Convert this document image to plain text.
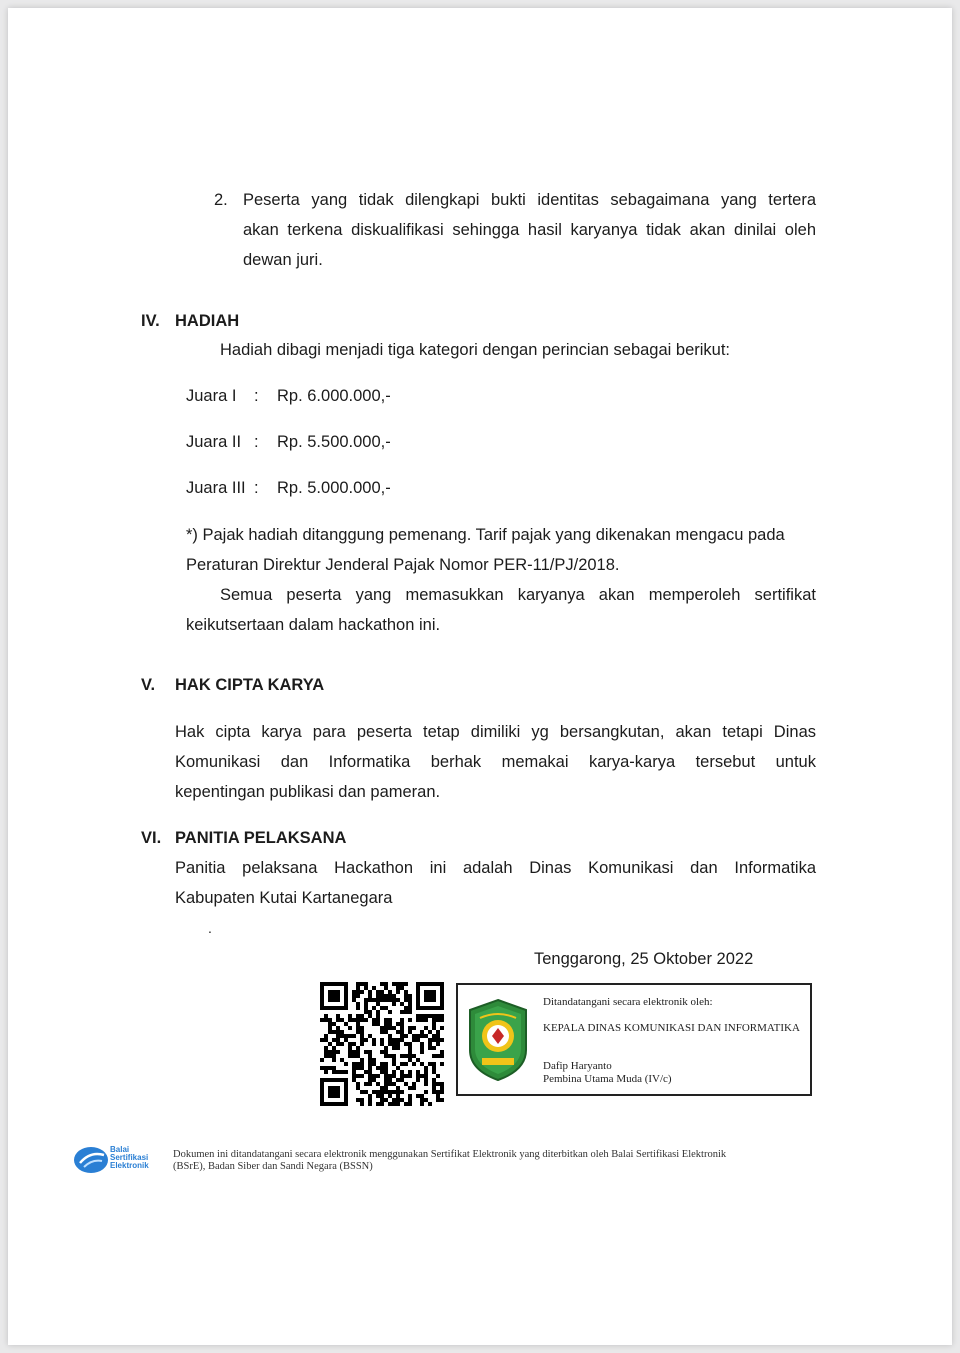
2. Peserta yang tidak dilengkapi bukti identitas sebagaimana yang tertera
akan terkena diskualifikasi sehingga hasil karyanya tidak akan dinilai oleh
dewan juri.
IV. HADIAH
Hadiah dibagi menjadi tiga kategori dengan perincian sebagai berikut:
Juara I : Rp. 6.000.000,-
Juara II : Rp. 5.500.000,-
Juara III : Rp. 5.000.000,-
*) Pajak hadiah ditanggung pemenang. Tarif pajak yang dikenakan mengacu pada
Peraturan Direktur Jenderal Pajak Nomor PER-11/PJ/2018.
Semua peserta yang memasukkan karyanya akan memperoleh sertifikat
keikutsertaan dalam hackathon ini.
V. HAK CIPTA KARYA
Hak cipta karya para peserta tetap dimiliki yg bersangkutan, akan tetapi Dinas
Komunikasi dan Informatika berhak memakai karya-karya tersebut untuk
kepentingan publikasi dan pameran.
VI. PANITIA PELAKSANA
Panitia pelaksana Hackathon ini adalah Dinas Komunikasi dan Informatika
Kabupaten Kutai Kartanegara
.
Tenggarong, 25 Oktober 2022
Ditandatangani secara elektronik oleh:
KEPALA DINAS KOMUNIKASI DAN INFORMATIKA
Dafip Haryanto
Pembina Utama Muda (IV/c)
Balai
Sertifikasi
Elektronik
Dokumen ini ditandatangani secara elektronik menggunakan Sertifikat Elektronik yang diterbitkan oleh Balai Sertifikasi Elektronik
(BSrE), Badan Siber dan Sandi Negara (BSSN)
